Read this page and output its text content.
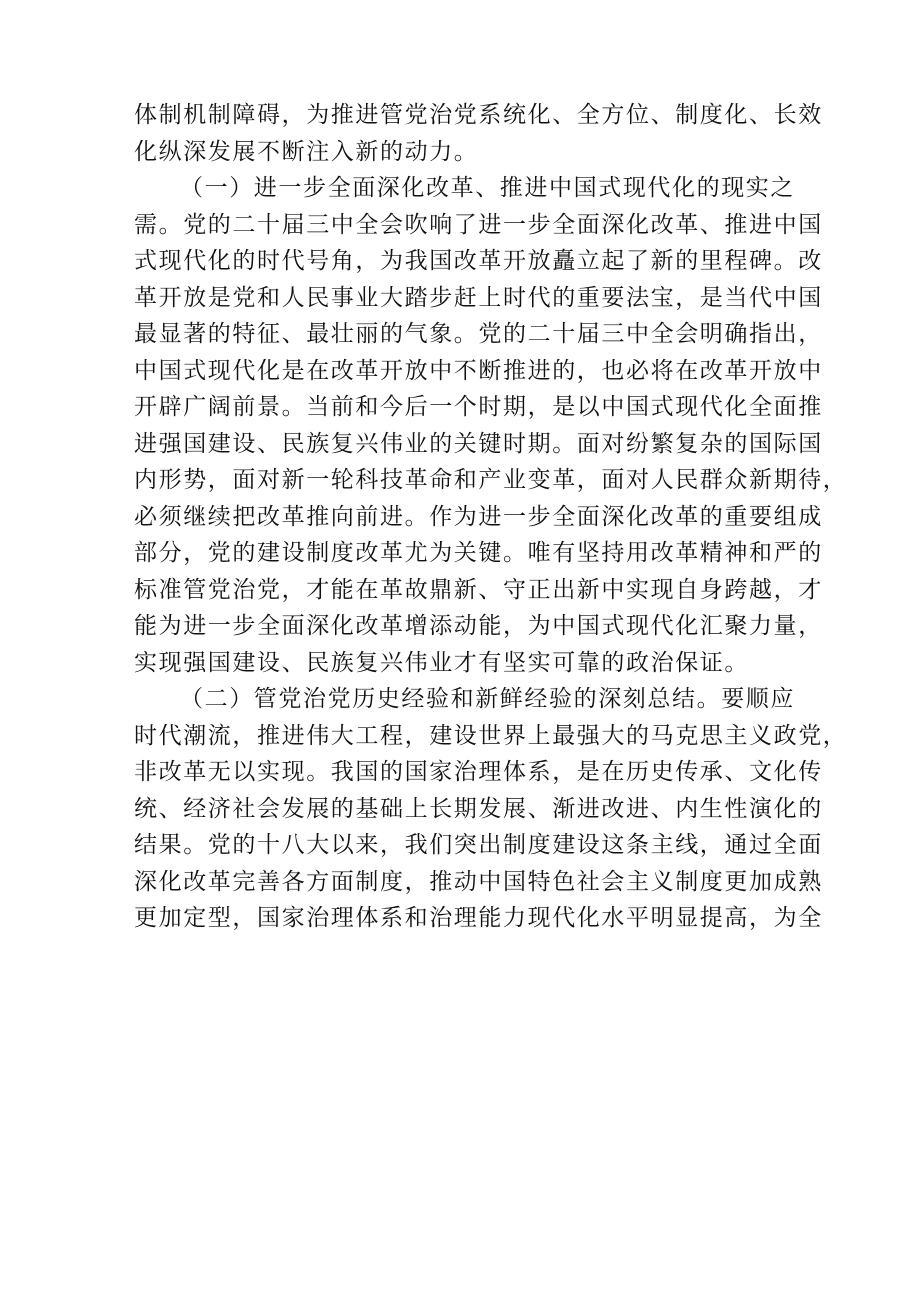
体制机制障碍，为推进管党治党系统化、全方位、制度化、长效
化纵深发展不断注入新的动力。
（一）进一步全面深化改革、推进中国式现代化的现实之
需。党的二十届三中全会吹响了进一步全面深化改革、推进中国
式现代化的时代号角，为我国改革开放矗立起了新的里程碑。改
革开放是党和人民事业大踏步赶上时代的重要法宝，是当代中国
最显著的特征、最壮丽的气象。党的二十届三中全会明确指出，
中国式现代化是在改革开放中不断推进的，也必将在改革开放中
开辟广阔前景。当前和今后一个时期，是以中国式现代化全面推
进强国建设、民族复兴伟业的关键时期。面对纷繁复杂的国际国
内形势，面对新一轮科技革命和产业变革，面对人民群众新期待，
必须继续把改革推向前进。作为进一步全面深化改革的重要组成
部分，党的建设制度改革尤为关键。唯有坚持用改革精神和严的
标准管党治党，才能在革故鼎新、守正出新中实现自身跨越，才
能为进一步全面深化改革增添动能，为中国式现代化汇聚力量，
实现强国建设、民族复兴伟业才有坚实可靠的政治保证。
（二）管党治党历史经验和新鲜经验的深刻总结。要顺应
时代潮流，推进伟大工程，建设世界上最强大的马克思主义政党，
非改革无以实现。我国的国家治理体系，是在历史传承、文化传
统、经济社会发展的基础上长期发展、渐进改进、内生性演化的
结果。党的十八大以来，我们突出制度建设这条主线，通过全面
深化改革完善各方面制度，推动中国特色社会主义制度更加成熟
更加定型，国家治理体系和治理能力现代化水平明显提高，为全
